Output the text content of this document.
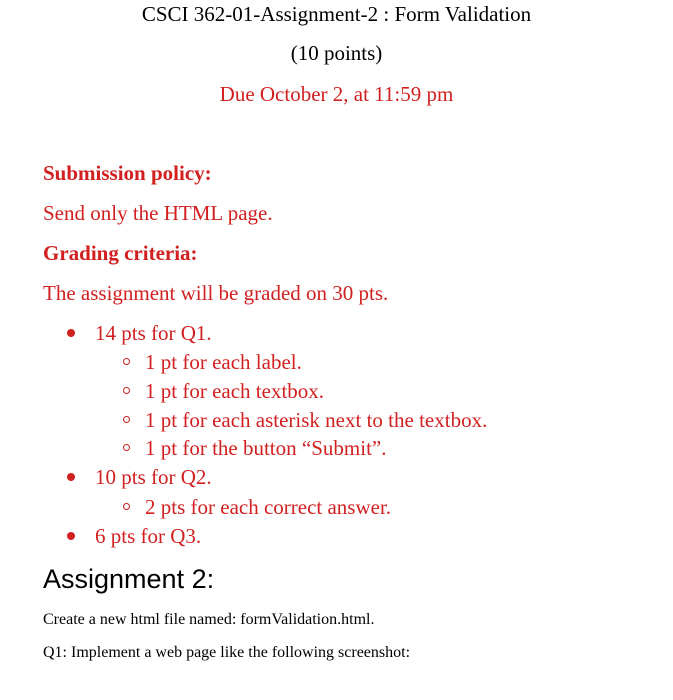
CSCI 362-01-Assignment-2 : Form Validation
(10 points)
Due October 2, at 11:59 pm
Submission policy:
Send only the HTML page.
Grading criteria:
The assignment will be graded on 30 pts.
14 pts for Q1.
1 pt for each label.
1 pt for each textbox.
1 pt for each asterisk next to the textbox.
1 pt for the button “Submit”.
10 pts for Q2.
2 pts for each correct answer.
6 pts for Q3.
Assignment 2:
Create a new html file named: formValidation.html.
Q1: Implement a web page like the following screenshot:
